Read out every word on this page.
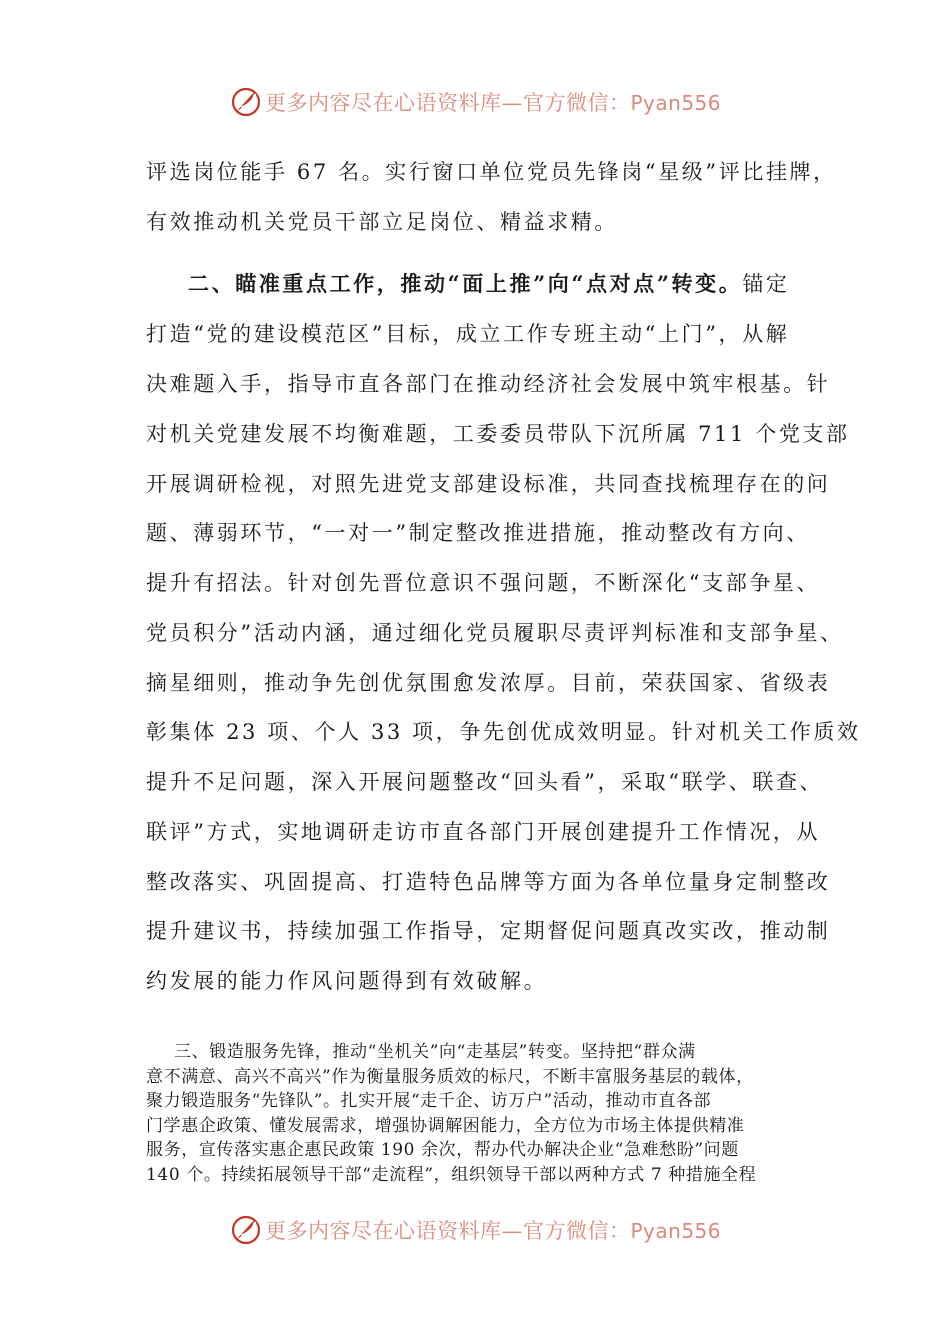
更多内容尽在心语资料库—官方微信：Pyan556
评选岗位能手 67 名。实行窗口单位党员先锋岗“星级”评比挂牌，
有效推动机关党员干部立足岗位、精益求精。
二、瞄准重点工作，推动“面上推”向“点对点”转变。锚定
打造“党的建设模范区”目标，成立工作专班主动“上门”，从解
决难题入手，指导市直各部门在推动经济社会发展中筑牢根基。针
对机关党建发展不均衡难题，工委委员带队下沉所属 711 个党支部
开展调研检视，对照先进党支部建设标准，共同查找梳理存在的问
题、薄弱环节，“一对一”制定整改推进措施，推动整改有方向、
提升有招法。针对创先晋位意识不强问题，不断深化“支部争星、
党员积分”活动内涵，通过细化党员履职尽责评判标准和支部争星、
摘星细则，推动争先创优氛围愈发浓厚。目前，荣获国家、省级表
彰集体 23 项、个人 33 项，争先创优成效明显。针对机关工作质效
提升不足问题，深入开展问题整改“回头看”，采取“联学、联查、
联评”方式，实地调研走访市直各部门开展创建提升工作情况，从
整改落实、巩固提高、打造特色品牌等方面为各单位量身定制整改
提升建议书，持续加强工作指导，定期督促问题真改实改，推动制
约发展的能力作风问题得到有效破解。
三、锻造服务先锋，推动“坐机关”向“走基层”转变。坚持把“群众满
意不满意、高兴不高兴”作为衡量服务质效的标尺，不断丰富服务基层的载体，
聚力锻造服务“先锋队”。扎实开展“走千企、访万户”活动，推动市直各部
门学惠企政策、懂发展需求，增强协调解困能力，全方位为市场主体提供精准
服务，宣传落实惠企惠民政策 190 余次，帮办代办解决企业“急难愁盼”问题
140 个。持续拓展领导干部“走流程”，组织领导干部以两种方式 7 种措施全程
更多内容尽在心语资料库—官方微信：Pyan556
